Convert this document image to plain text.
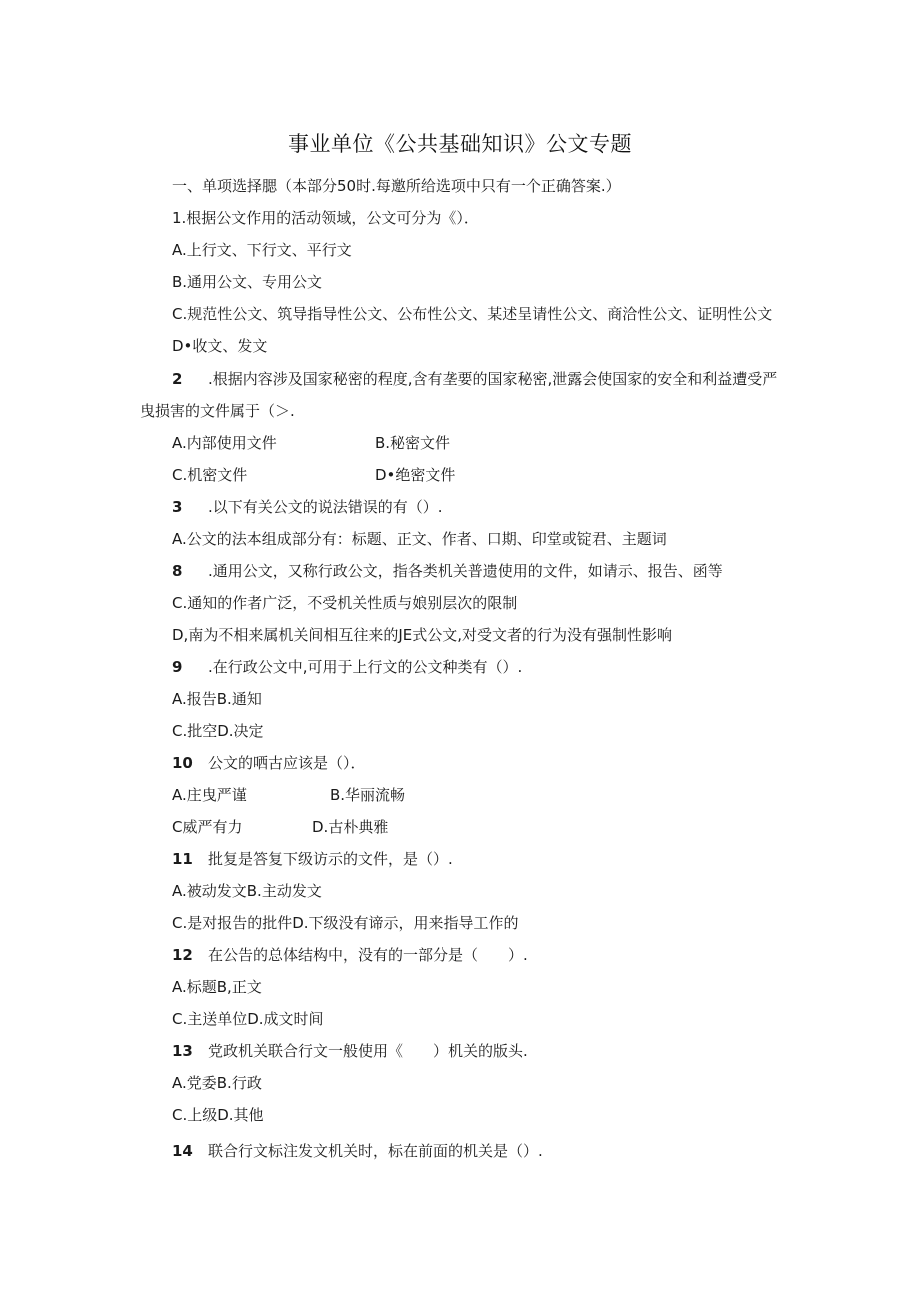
事业单位《公共基础知识》公文专题
一、单项选择腮（本部分50时.每邀所给选项中只有一个正确答案.）
1.根据公文作用的活动领域，公文可分为《）．
A.上行文、下行文、平行文
B.通用公文、专用公文
C.规范性公文、筑导指导性公文、公布性公文、某述呈请性公文、商洽性公文、证明性公文
D•收文、发文
2 .根据内容涉及国家秘密的程度,含有垄要的国家秘密,泄露会使国家的安全和利益遭受严
曳损害的文件属于（＞.
A.内部使用文件	B.秘密文件
C.机密文件	D•绝密文件
3 .以下有关公文的说法错误的有（）.
A.公文的法本组成部分有：标题、正文、作者、口期、印堂或锭君、主题词
8 .通用公文，又称行政公文，指各类机关普遗使用的文件，如请示、报告、函等
C.通知的作者广泛，不受机关性质与娘别层次的限制
D,南为不相来属机关间相互往来的JE式公文,对受文者的行为没有强制性影响
9 .在行政公文中,可用于上行文的公文种类有（）.
A.报告B.通知
C.批空D.决定
10 公文的哂古应该是（）．
A.庄曳严谨	B.华丽流畅
C威严有力	D.古朴典雅
11 批复是答复下级访示的文件，是（）.
A.被动发文B.主动发文
C.是对报告的批件D.下级没有谛示，用来指导工作的
12 在公告的总体结构中，没有的一部分是（　　）.
A.标题B,正文
C.主送单位D.成文时间
13 党政机关联合行文一般使用《　　）机关的版头.
A.党委B.行政
C.上级D.其他
14 联合行文标注发文机关时，标在前面的机关是（）.
